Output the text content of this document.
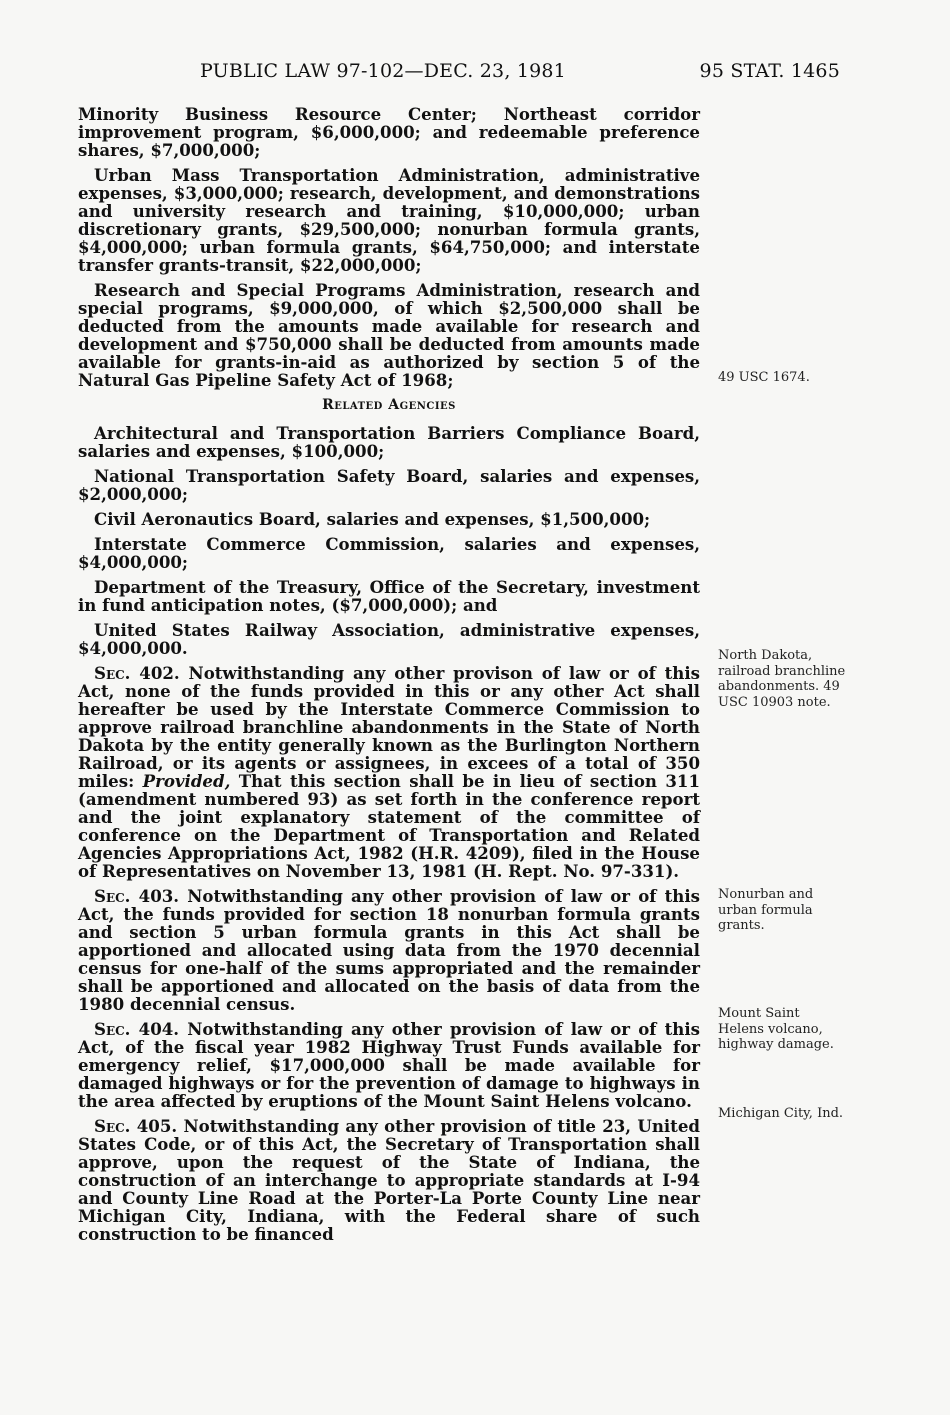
PUBLIC LAW 97-102—DEC. 23, 1981	95 STAT. 1465

Minority Business Resource Center; Northeast corridor improvement program, $6,000,000; and redeemable preference shares, $7,000,000;

Urban Mass Transportation Administration, administrative expenses, $3,000,000; research, development, and demonstrations and university research and training, $10,000,000; urban discretionary grants, $29,500,000; nonurban formula grants, $4,000,000; urban formula grants, $64,750,000; and interstate transfer grants-transit, $22,000,000;

Research and Special Programs Administration, research and special programs, $9,000,000, of which $2,500,000 shall be deducted from the amounts made available for research and development and $750,000 shall be deducted from amounts made available for grants-in-aid as authorized by section 5 of the Natural Gas Pipeline Safety Act of 1968;

Related Agencies

Architectural and Transportation Barriers Compliance Board, salaries and expenses, $100,000;

National Transportation Safety Board, salaries and expenses, $2,000,000;

Civil Aeronautics Board, salaries and expenses, $1,500,000;

Interstate Commerce Commission, salaries and expenses, $4,000,000;

Department of the Treasury, Office of the Secretary, investment in fund anticipation notes, ($7,000,000); and

United States Railway Association, administrative expenses, $4,000,000.

Sec. 402. Notwithstanding any other provison of law or of this Act, none of the funds provided in this or any other Act shall hereafter be used by the Interstate Commerce Commission to approve railroad branchline abandonments in the State of North Dakota by the entity generally known as the Burlington Northern Railroad, or its agents or assignees, in excees of a total of 350 miles: Provided, That this section shall be in lieu of section 311 (amendment numbered 93) as set forth in the conference report and the joint explanatory statement of the committee of conference on the Department of Transportation and Related Agencies Appropriations Act, 1982 (H.R. 4209), filed in the House of Representatives on November 13, 1981 (H. Rept. No. 97-331).

Sec. 403. Notwithstanding any other provision of law or of this Act, the funds provided for section 18 nonurban formula grants and section 5 urban formula grants in this Act shall be apportioned and allocated using data from the 1970 decennial census for one-half of the sums appropriated and the remainder shall be apportioned and allocated on the basis of data from the 1980 decennial census.

Sec. 404. Notwithstanding any other provision of law or of this Act, of the fiscal year 1982 Highway Trust Funds available for emergency relief, $17,000,000 shall be made available for damaged highways or for the prevention of damage to highways in the area affected by eruptions of the Mount Saint Helens volcano.

Sec. 405. Notwithstanding any other provision of title 23, United States Code, or of this Act, the Secretary of Transportation shall approve, upon the request of the State of Indiana, the construction of an interchange to appropriate standards at I-94 and County Line Road at the Porter-La Porte County Line near Michigan City, Indiana, with the Federal share of such construction to be financed

49 USC 1674.
North Dakota, railroad branchline abandonments. 49 USC 10903 note.
Nonurban and urban formula grants.
Mount Saint Helens volcano, highway damage.
Michigan City, Ind.
